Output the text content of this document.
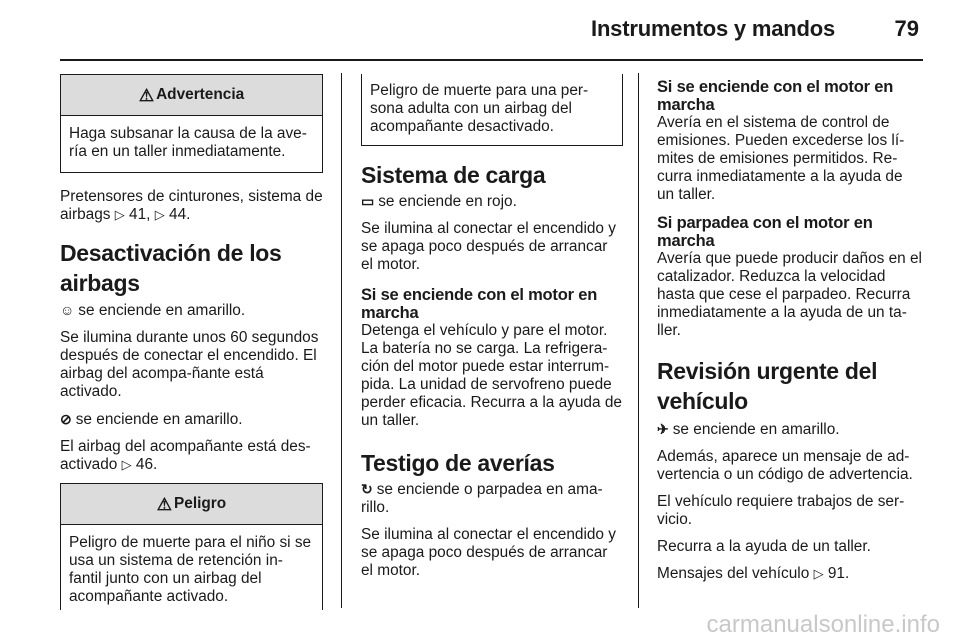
Instrumentos y mandos	79
⚠ Advertencia
Haga subsanar la causa de la ave-ría en un taller inmediatamente.

Pretensores de cinturones, sistema de airbags ▷ 41, ▷ 44.

Desactivación de los airbags

☺ se enciende en amarillo.

Se ilumina durante unos 60 segundos después de conectar el encendido. El airbag del acompa-ñante está activado.

⊘ se enciende en amarillo.

El airbag del acompañante está des-activado ▷ 46.

⚠ Peligro
Peligro de muerte para el niño si se usa un sistema de retención in-fantil junto con un airbag del acompañante activado.
Peligro de muerte para una per-sona adulta con un airbag del acompañante desactivado.
Sistema de carga

▭ se enciende en rojo.

Se ilumina al conectar el encendido y se apaga poco después de arrancar el motor.

Si se enciende con el motor en marcha

Detenga el vehículo y pare el motor. La batería no se carga. La refrigera-ción del motor puede estar interrum-pida. La unidad de servofreno puede perder eficacia. Recurra a la ayuda de un taller.

Testigo de averías

↻ se enciende o parpadea en ama-rillo.

Se ilumina al conectar el encendido y se apaga poco después de arrancar el motor.

Si se enciende con el motor en marcha

Avería en el sistema de control de emisiones. Pueden excederse los lí-mites de emisiones permitidos. Re-curra inmediatamente a la ayuda de un taller.

Si parpadea con el motor en marcha

Avería que puede producir daños en el catalizador. Reduzca la velocidad hasta que cese el parpadeo. Recurra inmediatamente a la ayuda de un ta-ller.

Revisión urgente del vehículo

✈ se enciende en amarillo.

Además, aparece un mensaje de ad-vertencia o un código de advertencia.

El vehículo requiere trabajos de ser-vicio.

Recurra a la ayuda de un taller.

Mensajes del vehículo ▷ 91.

carmanualsonline.info
